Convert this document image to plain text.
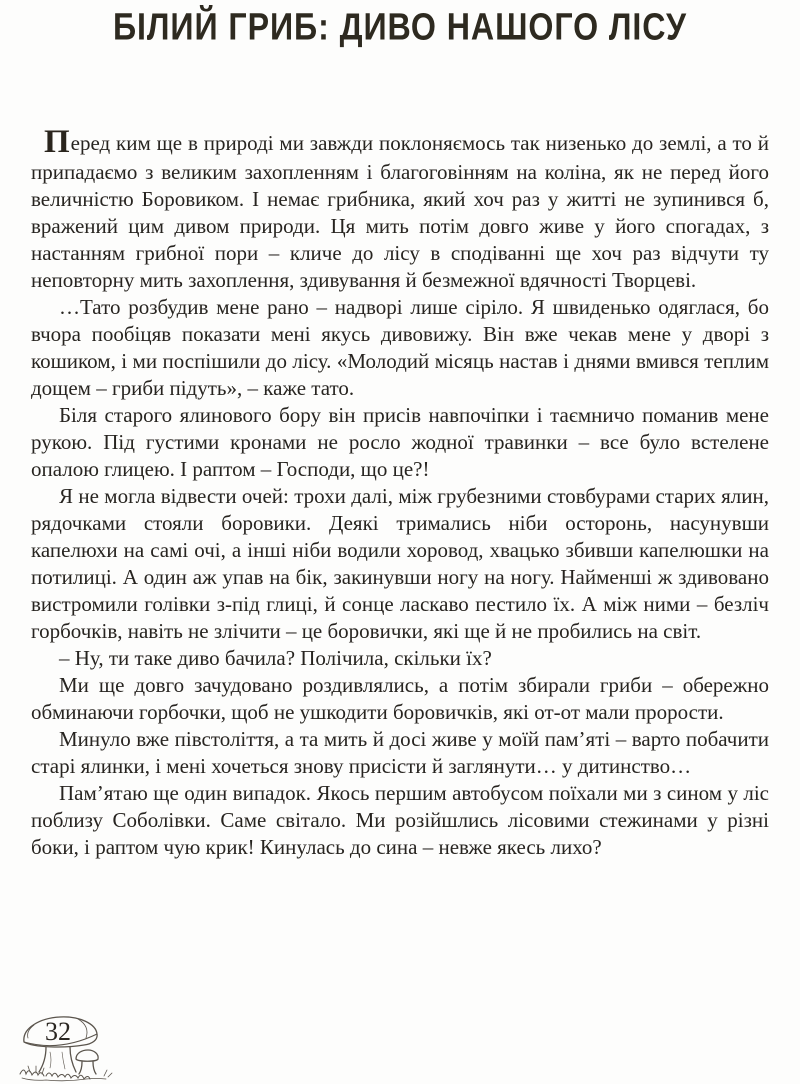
БІЛИЙ ГРИБ: ДИВО НАШОГО ЛІСУ

Перед ким ще в природі ми завжди поклоняємось так низенько до землі, а то й припадаємо з великим захопленням і благоговінням на коліна, як не перед його величністю Боровиком. І немає грибника, який хоч раз у житті не зупинився б, вражений цим дивом природи. Ця мить потім довго живе у його спогадах, з настанням грибної пори – кличе до лісу в сподіванні ще хоч раз відчути ту неповторну мить захоплення, здивування й безмежної вдячності Творцеві.

…Тато розбудив мене рано – надворі лише сіріло. Я швиденько одяглася, бо вчора пообіцяв показати мені якусь дивовижу. Він вже чекав мене у дворі з кошиком, і ми поспішили до лісу. «Молодий місяць настав і днями вмився теплим дощем – гриби підуть», – каже тато.

Біля старого ялинового бору він присів навпочіпки і таємничо поманив мене рукою. Під густими кронами не росло жодної травинки – все було встелене опалою глицею. І раптом – Господи, що це?!

Я не могла відвести очей: трохи далі, між грубезними стовбурами старих ялин, рядочками стояли боровики. Деякі тримались ніби осторонь, насунувши капелюхи на самі очі, а інші ніби водили хоровод, хвацько збивши капелюшки на потилиці. А один аж упав на бік, закинувши ногу на ногу. Найменші ж здивовано вистромили голівки з-під глиці, й сонце ласкаво пестило їх. А між ними – безліч горбочків, навіть не злічити – це боровички, які ще й не пробились на світ.

– Ну, ти таке диво бачила? Полічила, скільки їх?

Ми ще довго зачудовано роздивлялись, а потім збирали гриби – обережно обминаючи горбочки, щоб не ушкодити боровичків, які от-от мали прорости.

Минуло вже півстоліття, а та мить й досі живе у моїй пам’яті – варто побачити старі ялинки, і мені хочеться знову присісти й заглянути… у дитинство…

Пам’ятаю ще один випадок. Якось першим автобусом поїхали ми з сином у ліс поблизу Соболівки. Саме світало. Ми розійшлись лісовими стежинами у різні боки, і раптом чую крик! Кинулась до сина – невже якесь лихо?

32
